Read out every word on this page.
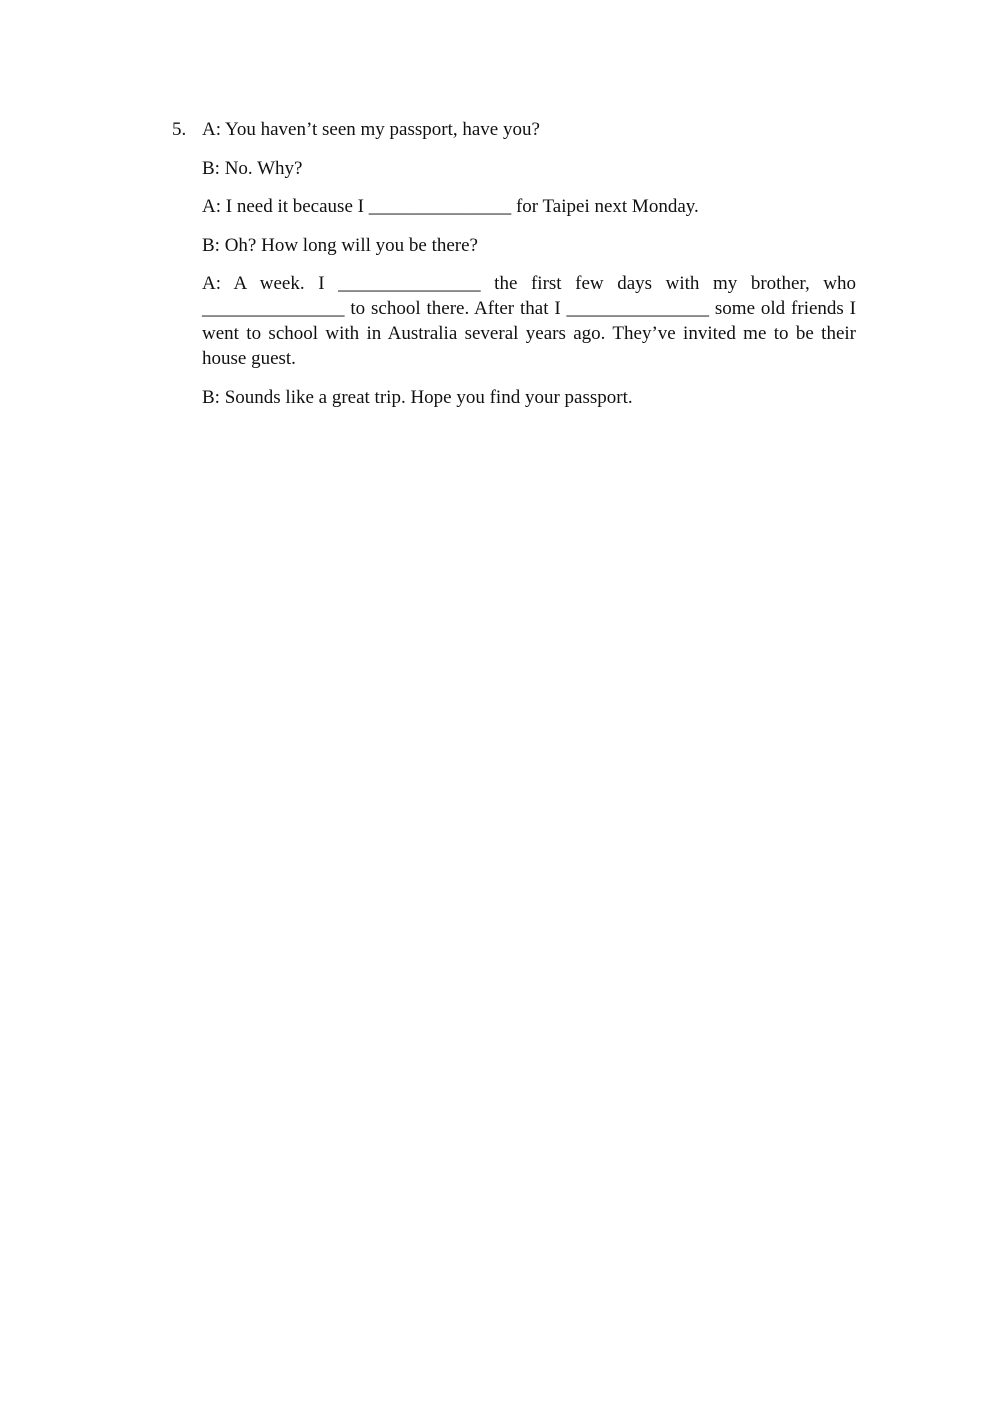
5. A: You haven’t seen my passport, have you?

B: No. Why?

A: I need it because I _______________ for Taipei next Monday.

B: Oh? How long will you be there?

A: A week. I _______________ the first few days with my brother, who _______________ to school there. After that I _______________ some old friends I went to school with in Australia several years ago. They’ve invited me to be their house guest.

B: Sounds like a great trip. Hope you find your passport.
